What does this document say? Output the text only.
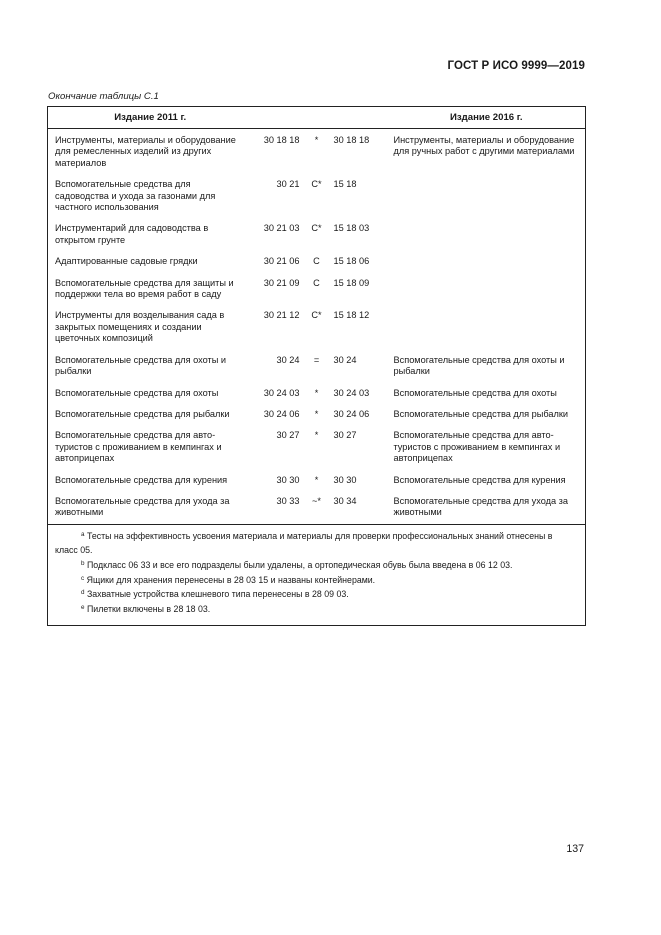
ГОСТ Р ИСО 9999—2019
Окончание таблицы С.1
Издание 2011 г.				Издание 2016 г.
Инструменты, материалы и оборудование для ремесленных изделий из других материалов	30 18 18	*	30 18 18	Инструменты, материалы и оборудование для ручных работ с другими материалами
Вспомогательные средства для садоводства и ухода за газонами для частного использования	30 21	C*	15 18	
Инструментарий для садоводства в открытом грунте	30 21 03	C*	15 18 03	
Адаптированные садовые грядки	30 21 06	C	15 18 06	
Вспомогательные средства для защиты и поддержки тела во время работ в саду	30 21 09	C	15 18 09	
Инструменты для возделывания сада в закрытых помещениях и создании цветочных композиций	30 21 12	C*	15 18 12	
Вспомогательные средства для охоты и рыбалки	30 24	=	30 24	Вспомогательные средства для охоты и рыбалки
Вспомогательные средства для охоты	30 24 03	*	30 24 03	Вспомогательные средства для охоты
Вспомогательные средства для рыбалки	30 24 06	*	30 24 06	Вспомогательные средства для рыбалки
Вспомогательные средства для автотуристов с проживанием в кемпингах и автоприцепах	30 27	*	30 27	Вспомогательные средства для автотуристов с проживанием в кемпингах и автоприцепах
Вспомогательные средства для курения	30 30	*	30 30	Вспомогательные средства для курения
Вспомогательные средства для ухода за животными	30 33	~*	30 34	Вспомогательные средства для ухода за животными

$^a$ Тесты на эффективность усвоения материала и материалы для проверки профессиональных знаний отнесены в класс 05.
$^b$ Подкласс 06 33 и все его подразделы были удалены, а ортопедическая обувь была введена в 06 12 03.
$^c$ Ящики для хранения перенесены в 28 03 15 и названы контейнерами.
$^d$ Захватные устройства клешневого типа перенесены в 28 09 03.
$^e$ Пилетки включены в 28 18 03.				
137
